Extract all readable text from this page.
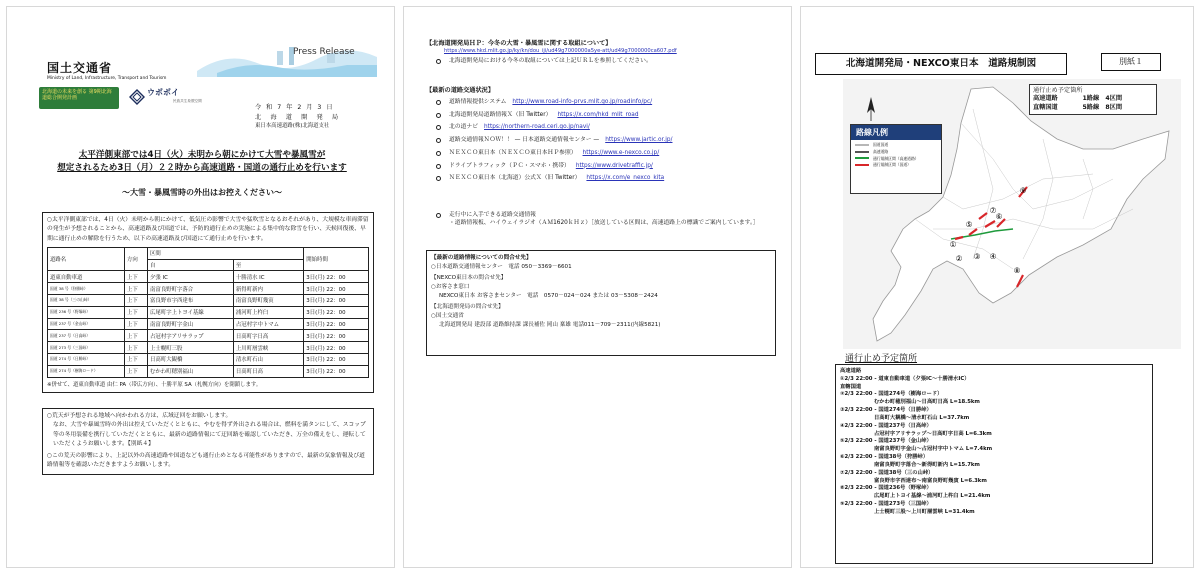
国土交通省
Ministry of Land, Infrastructure, Transport and Tourism
Press Release
北海道の未来を創る 第9期北海道総合開発計画
ウポポイ
民族共生象徴空間
令 和 7 年 2 月 3 日
北　海　道　開　発　局
東日本高速道路(株)北海道支社
太平洋側東部では4日（火）未明から朝にかけて大雪や暴風雪が
想定されるため3日（月）２２時から高速道路・国道の通行止めを行います
～大雪・暴風雪時の外出はお控えください～

○太平洋側東部では、4日（火）未明から朝にかけて、低気圧の影響で大雪や猛吹雪となるおそれがあり、大規模な車両滞留の発生が予想されることから、高速道路及び国道では、予防的通行止めの実施による集中的な除雪を行い、天候回復後、早期に通行止めの解除を行うため、以下の高速道路及び国道にて通行止めを行います。

道路名	方向	区間		開始時間
		自	至	
道東自動車道	上下	夕張 IC	十勝清水 IC	3日(月) 22：00
国道 38 号（狩勝峠）	上下	南富良野町字落合	新得町新内	3日(月) 22：00
国道 38 号（三の山峠）	上下	富良野市字西達布	南富良野町幾寅	3日(月) 22：00
国道 236 号（野塚峠）	上下	広尾町字上トヨイ基線	浦河町上杵臼	3日(月) 22：00
国道 237 号（金山峠）	上下	南富良野町字金山	占冠村字中トマム	3日(月) 22：00
国道 237 号（日高峠）	上下	占冠村字アリサラップ	日高町字日高	3日(月) 22：00
国道 273 号（三国峠）	上下	上士幌町三股	上川町層雲峡	3日(月) 22：00
国道 274 号（日勝峠）	上下	日高町大観橋	清水町石山	3日(月) 22：00
国道 274 号（樹海ロード）	上下	むかわ町穂別福山	日高町日高	3日(月) 22：00
※併せて、道東自動車道 由仁 PA（帯広方向）、十勝平原 SA（札幌方向）を閉鎖します。

○荒天が予想される地域へ向かわれる方は、広域迂回をお願いします。

なお、大雪や暴風雪時の外出は控えていただくとともに、やむを得ず外出される場合は、燃料を満タンにして、スコップ等の冬用装備を携行していただくとともに、最新の道路情報にて迂回路を確認していただき、万全の備えをし、運転していただくようお願いします。【別紙４】

○この荒天の影響により、上記以外の高速道路や国道なども通行止めとなる可能性がありますので、最新の気象情報及び道路情報等を確認いただきますようお願いします。

【北海道開発局ＨＰ：今冬の大雪・暴風雪に関する取組について】
https://www.hkd.mlit.go.jp/ky/kn/dou_iji/ud49g7000000a5ye-att/ud49g7000000ca607.pdf
北海道開発局における今冬の取組については上記ＵＲＬを参照してください。
【最新の道路交通状況】
道路情報提供システム http://www.road-info-prvs.mlit.go.jp/roadinfo/pc/
北海道開発局道路情報Ｘ（旧 Twitter） https://x.com/hkd_mlit_road
北の道ナビ https://northern-road.ceri.go.jp/navi/
道路交通情報ＮＯＷ！！ — 日本道路交通情報センター — https://www.jartic.or.jp/
ＮＥＸＣＯ東日本（ＮＥＸＣＯ東日本ＨＰ参照） https://www.e-nexco.co.jp/
ドライブトラフィック（ＰＣ・スマホ・携帯） https://www.drivetraffic.jp/
ＮＥＸＣＯ東日本（北海道）公式Ｘ（旧 Twitter） https://x.com/e_nexco_kita
走行中に入手できる道路交通情報
・道路情報板、ハイウェイラジオ（ＡＭ1620ｋＨｚ）［放送している区間は、高速道路上の標識でご案内しています。］
【最新の道路情報についての問合せ先】
○日本道路交通情報センター　電話 050－3369－6601
【NEXCO東日本の問合せ先】
○お客さま窓口
NEXCO東日本 お客さまセンター　電話　0570－024－024 または 03－5308－2424
【北海道開発局の問合せ先】
○国土交通省
北海道開発局 建設部 道路維持課 課長補佐 岡山 稟雄 電話011－709－2311(内線5821)
北海道開発局・NEXCO東日本　道路規制図	別紙１
①
② ③ ④
⑤
⑥
⑦
⑧
⑨
通行止め予定箇所
高速道路　　　　1路線　4区間
直轄国道　　　　5路線　8区間
路線凡例
国道国道
高速道路
通行規制区間（高速道路）
通行規制区間（国道）
通行止め予定箇所
高速道路
①2/3 22:00 - 道東自動車道（夕張IC～十勝清水IC）
直轄国道
②2/3 22:00 - 国道274号（樹海ロード）
むかわ町穂別福山～日高町日高 L=18.5km
③2/3 22:00 - 国道274号（日勝峠）
日高町大観橋～清水町石山 L=37.7km
④2/3 22:00 - 国道237号（日高峠）
占冠村字アリサラップ～日高町字日高 L=6.3km
⑤2/3 22:00 - 国道237号（金山峠）
南富良野町字金山～占冠村字中トマム L=7.4km
⑥2/3 22:00 - 国道38号（狩勝峠）
南富良野町字落合～新得町新内 L=15.7km
⑦2/3 22:00 - 国道38号（三の山峠）
富良野市字西達布～南富良野町幾寅 L=6.3km
⑧2/3 22:00 - 国道236号（野塚峠）
広尾町上トヨイ基線～浦河町上杵臼 L=21.4km
⑨2/3 22:00 - 国道273号（三国峠）
上士幌町三股～上川町層雲峡 L=31.4km
